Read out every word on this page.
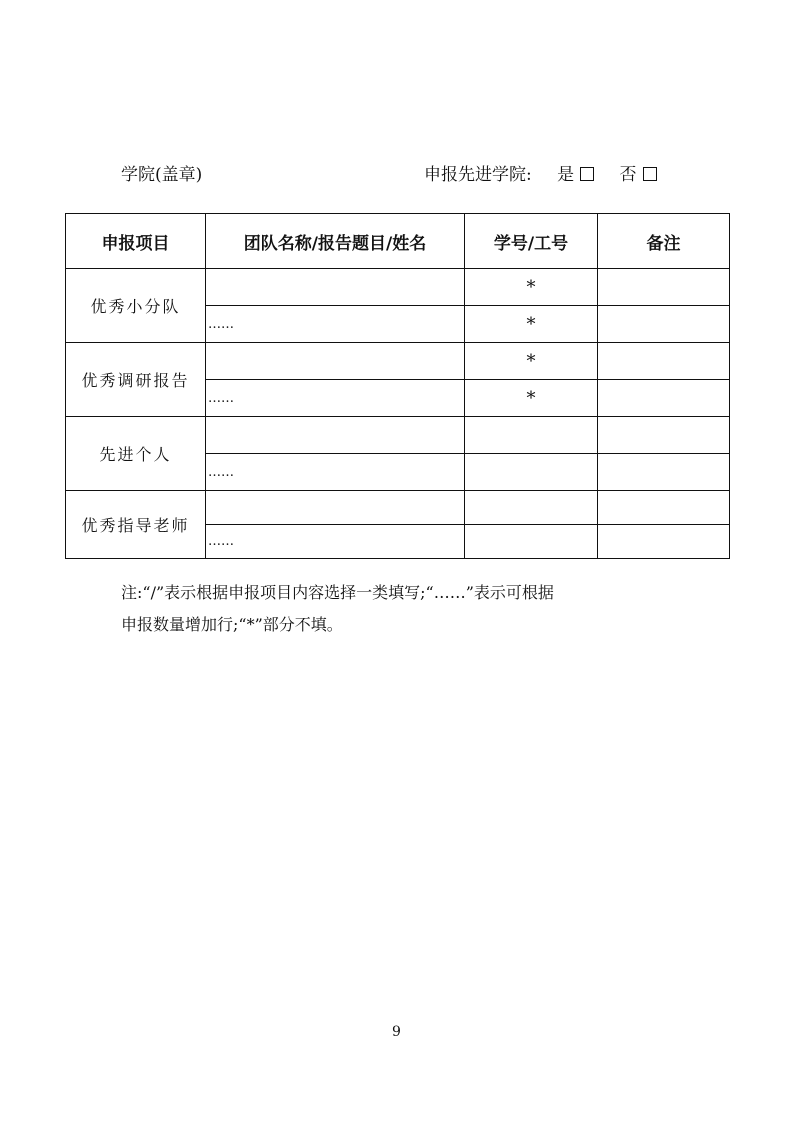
学院(盖章)	申报先进学院: 是	否
申报项目	团队名称/报告题目/姓名	学号/工号	备注
优秀小分队		*	
	……	*	
优秀调研报告		*	
	……	*	
先进个人			
	……		
优秀指导老师			
	……		
注:“/”表示根据申报项目内容选择一类填写;“……”表示可根据
申报数量增加行;“*”部分不填。
9
